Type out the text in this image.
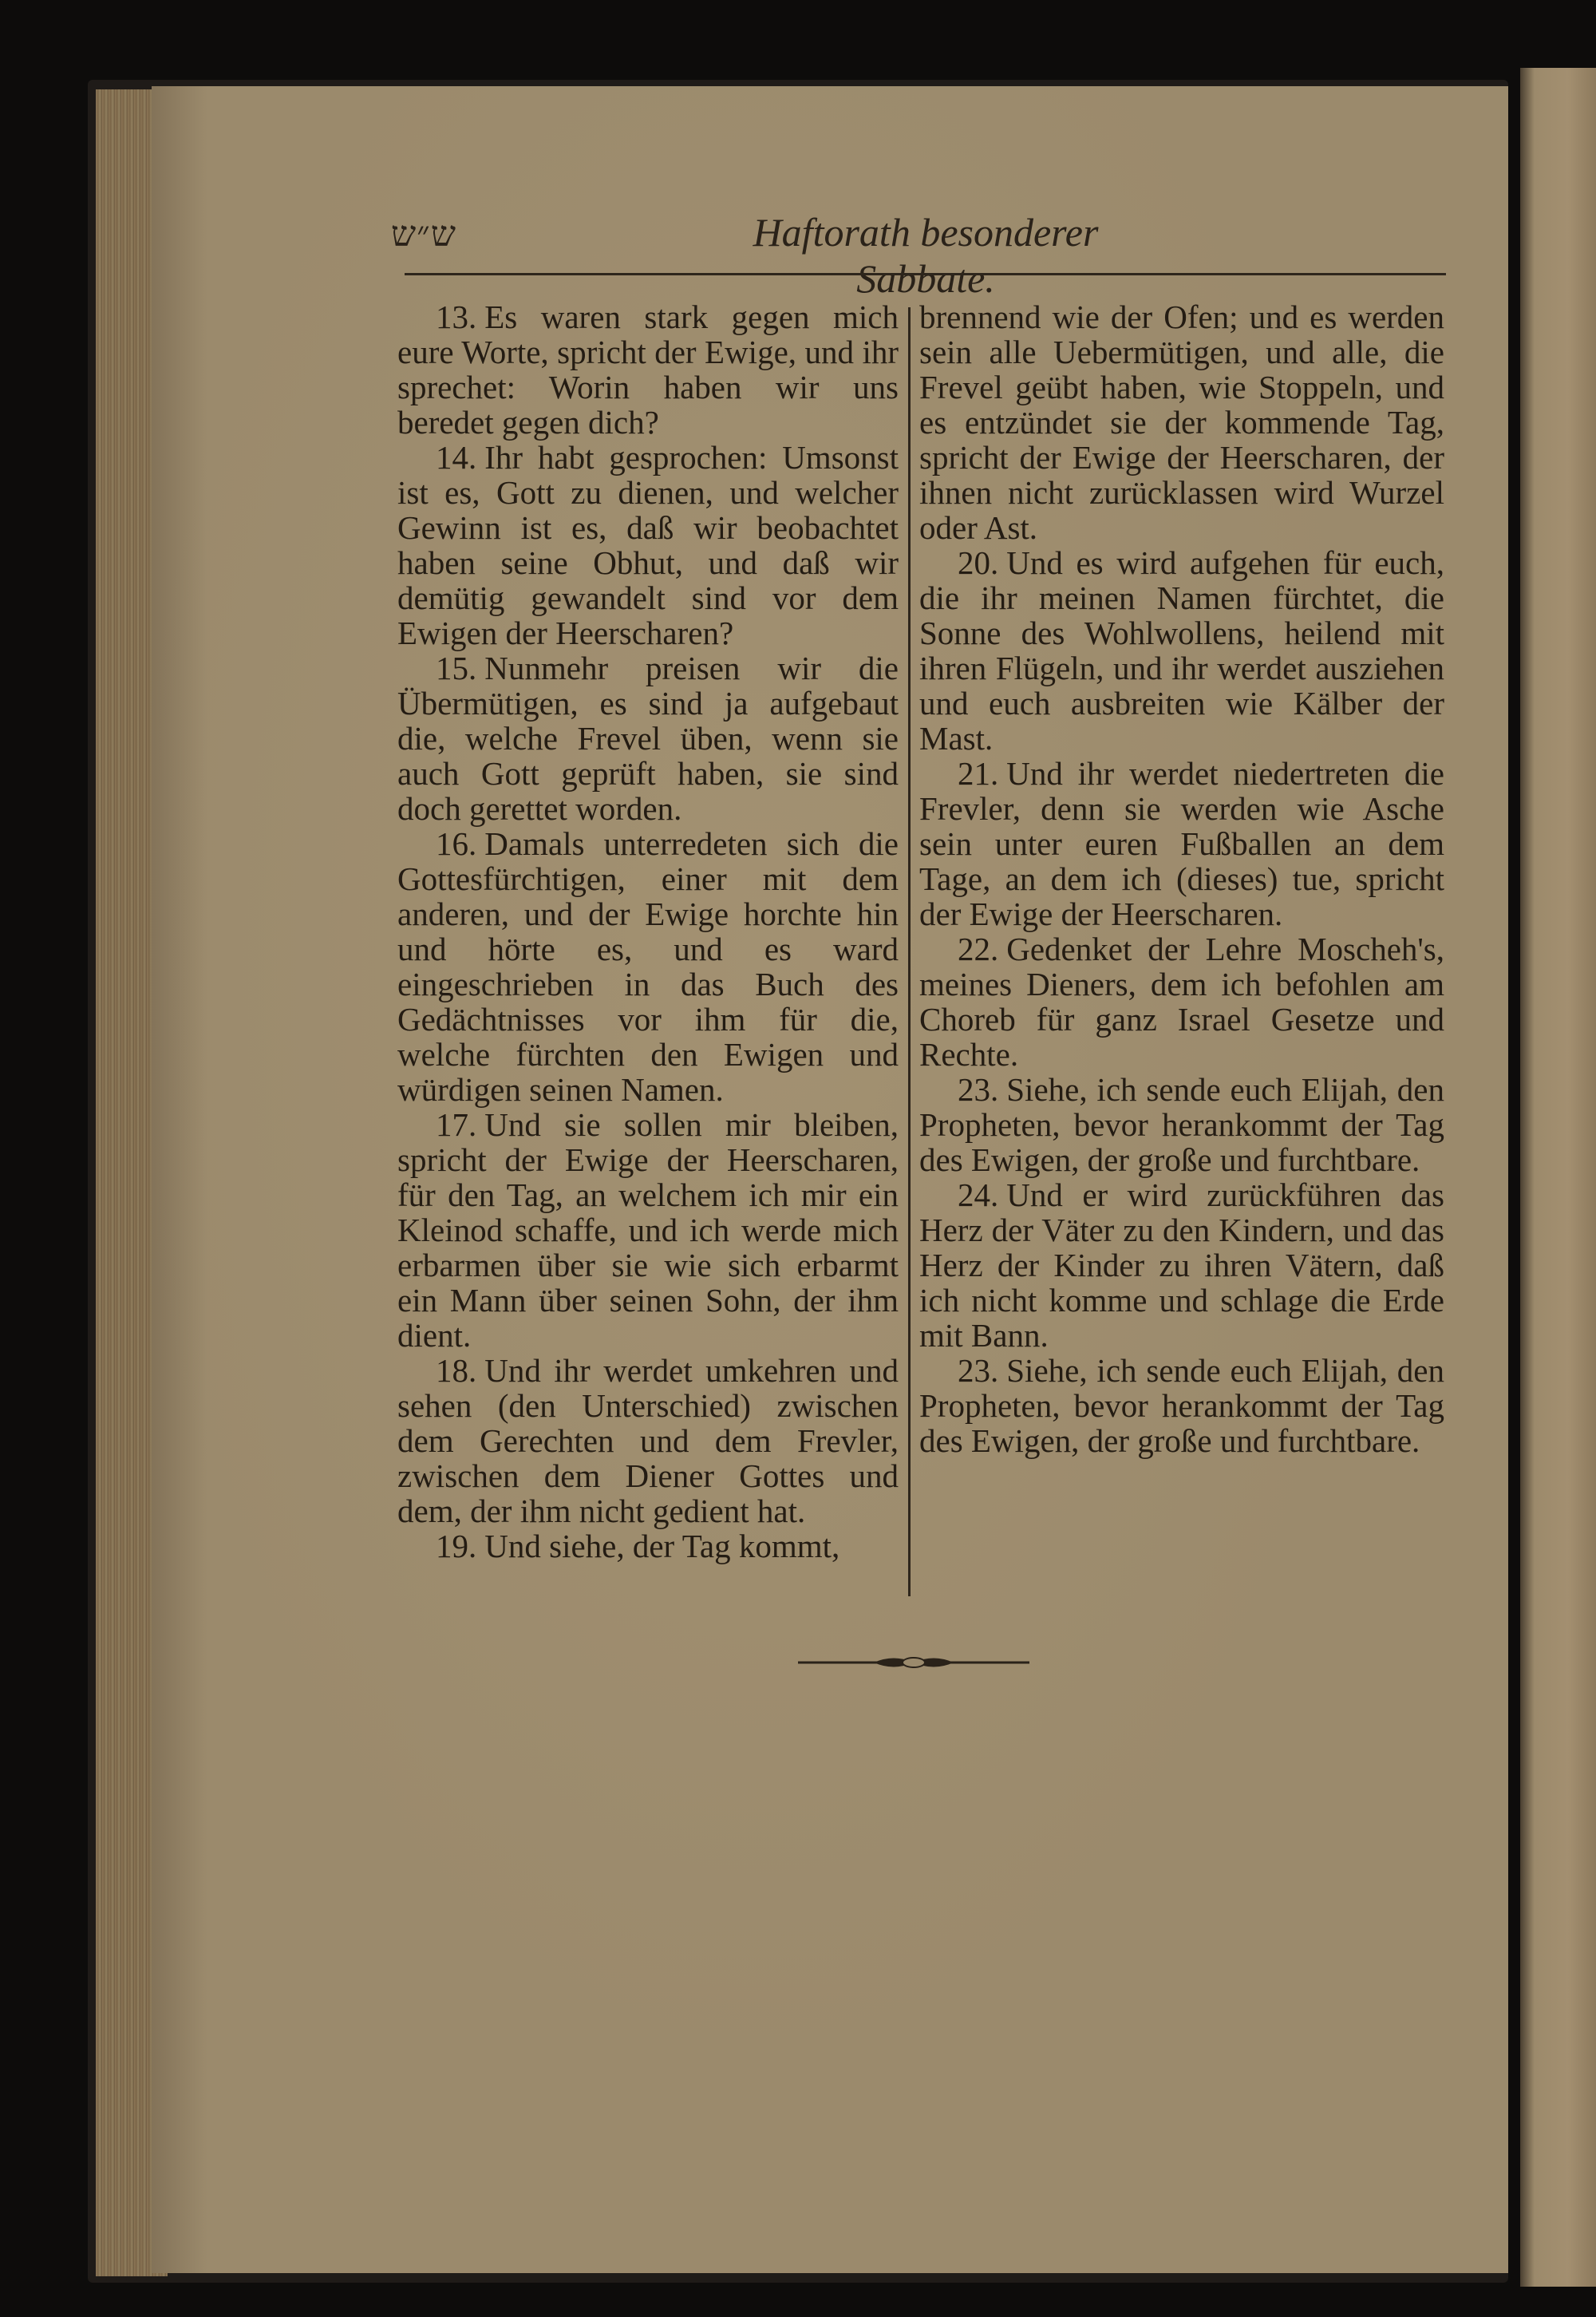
ש״ש	Haftorath besonderer Sabbate.

13. Es waren stark gegen mich eure Worte, spricht der Ewige, und ihr sprechet: Worin haben wir uns beredet gegen dich?

14. Ihr habt gesprochen: Umsonst ist es, Gott zu dienen, und welcher Gewinn ist es, daß wir beobachtet haben seine Obhut, und daß wir demütig gewandelt sind vor dem Ewigen der Heerscharen?

15. Nunmehr preisen wir die Übermütigen, es sind ja aufgebaut die, welche Frevel üben, wenn sie auch Gott geprüft haben, sie sind doch gerettet worden.

16. Damals unterredeten sich die Gottesfürchtigen, einer mit dem anderen, und der Ewige horchte hin und hörte es, und es ward eingeschrieben in das Buch des Gedächtnisses vor ihm für die, welche fürchten den Ewigen und würdigen seinen Namen.

17. Und sie sollen mir bleiben, spricht der Ewige der Heerscharen, für den Tag, an welchem ich mir ein Kleinod schaffe, und ich werde mich erbarmen über sie wie sich erbarmt ein Mann über seinen Sohn, der ihm dient.

18. Und ihr werdet umkehren und sehen (den Unterschied) zwischen dem Gerechten und dem Frevler, zwischen dem Diener Gottes und dem, der ihm nicht gedient hat.

19. Und siehe, der Tag kommt,

brennend wie der Ofen; und es werden sein alle Uebermütigen, und alle, die Frevel geübt haben, wie Stoppeln, und es entzündet sie der kommende Tag, spricht der Ewige der Heerscharen, der ihnen nicht zurücklassen wird Wurzel oder Ast.

20. Und es wird aufgehen für euch, die ihr meinen Namen fürchtet, die Sonne des Wohlwollens, heilend mit ihren Flügeln, und ihr werdet ausziehen und euch ausbreiten wie Kälber der Mast.

21. Und ihr werdet niedertreten die Frevler, denn sie werden wie Asche sein unter euren Fußballen an dem Tage, an dem ich (dieses) tue, spricht der Ewige der Heerscharen.

22. Gedenket der Lehre Moscheh's, meines Dieners, dem ich befohlen am Choreb für ganz Israel Gesetze und Rechte.

23. Siehe, ich sende euch Elijah, den Propheten, bevor herankommt der Tag des Ewigen, der große und furchtbare.

24. Und er wird zurückführen das Herz der Väter zu den Kindern, und das Herz der Kinder zu ihren Vätern, daß ich nicht komme und schlage die Erde mit Bann.

23. Siehe, ich sende euch Elijah, den Propheten, bevor herankommt der Tag des Ewigen, der große und furchtbare.
